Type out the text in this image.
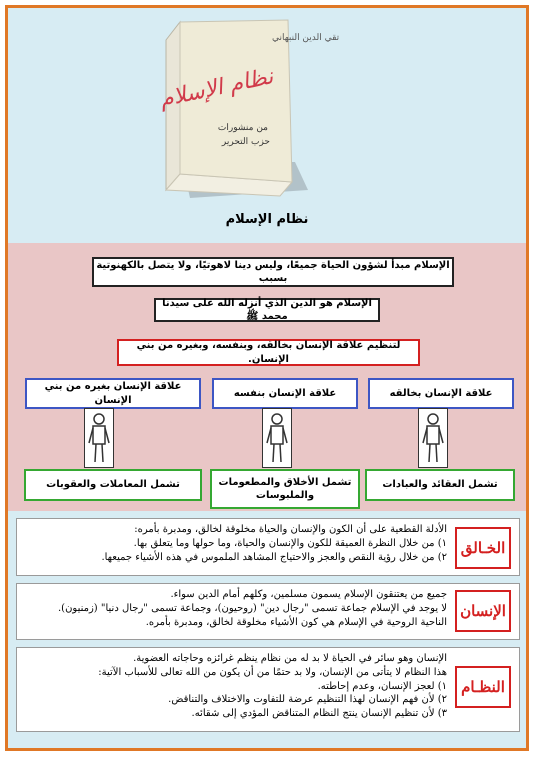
تقي الدين النبهاني
نظام الإسلام
من منشورات
حزب التحرير
نظام الإسلام
الإسلام مبدأ لشؤون الحياة جميعًا، وليس دينا لاهوتيًا، ولا يتصل بالكهنوتية بسبب
الإسلام هو الدين الذي أنزله الله على سيدنا محمد ﷺ
لتنظيم علاقة الإنسان بخالقه، وبنفسه، وبغيره من بني الإنسان.
علاقة الإنسان بخالقه
علاقة الإنسان بنفسه
علاقة الإنسان بغيره من بني الإنسان
تشمل العقائد والعبادات
تشمل الأخلاق والمطعومات والملبوسات
تشمل المعاملات والعقوبات
الأدلة القطعية على أن الكون والإنسان والحياة مخلوقة لخالق، ومدبرة بأمره:
١) من خلال النظرة العميقة للكون والإنسان والحياة، وما حولها وما يتعلق بها.
٢) من خلال رؤية النقص والعجز والاحتياج المشاهد الملموس في هذه الأشياء جميعها.
الخـالق
جميع من يعتنقون الإسلام يسمون مسلمين، وكلهم أمام الدين سواء.
لا يوجد في الإسلام جماعة تسمى "رجال دين" (روحيون)، وجماعة تسمى "رجال دنيا" (زمنيون).
الناحية الروحية في الإسلام هي كون الأشياء مخلوقة لخالق، ومدبرة بأمره.
الإنسان
الإنسان وهو سائر في الحياة لا بد له من نظام ينظم غرائزه وحاجاته العضوية.
هذا النظام لا يتأتى من الإنسان، ولا بد حتمًا من أن يكون من الله تعالى للأسباب الآتية:
١) لعجز الإنسان، وعدم إحاطته.
٢) لأن فهم الإنسان لهذا التنظيم عرضة للتفاوت والاختلاف والتناقض.
٣) لأن تنظيم الإنسان ينتج النظام المتناقض المؤدي إلى شقائه.
النظـام
